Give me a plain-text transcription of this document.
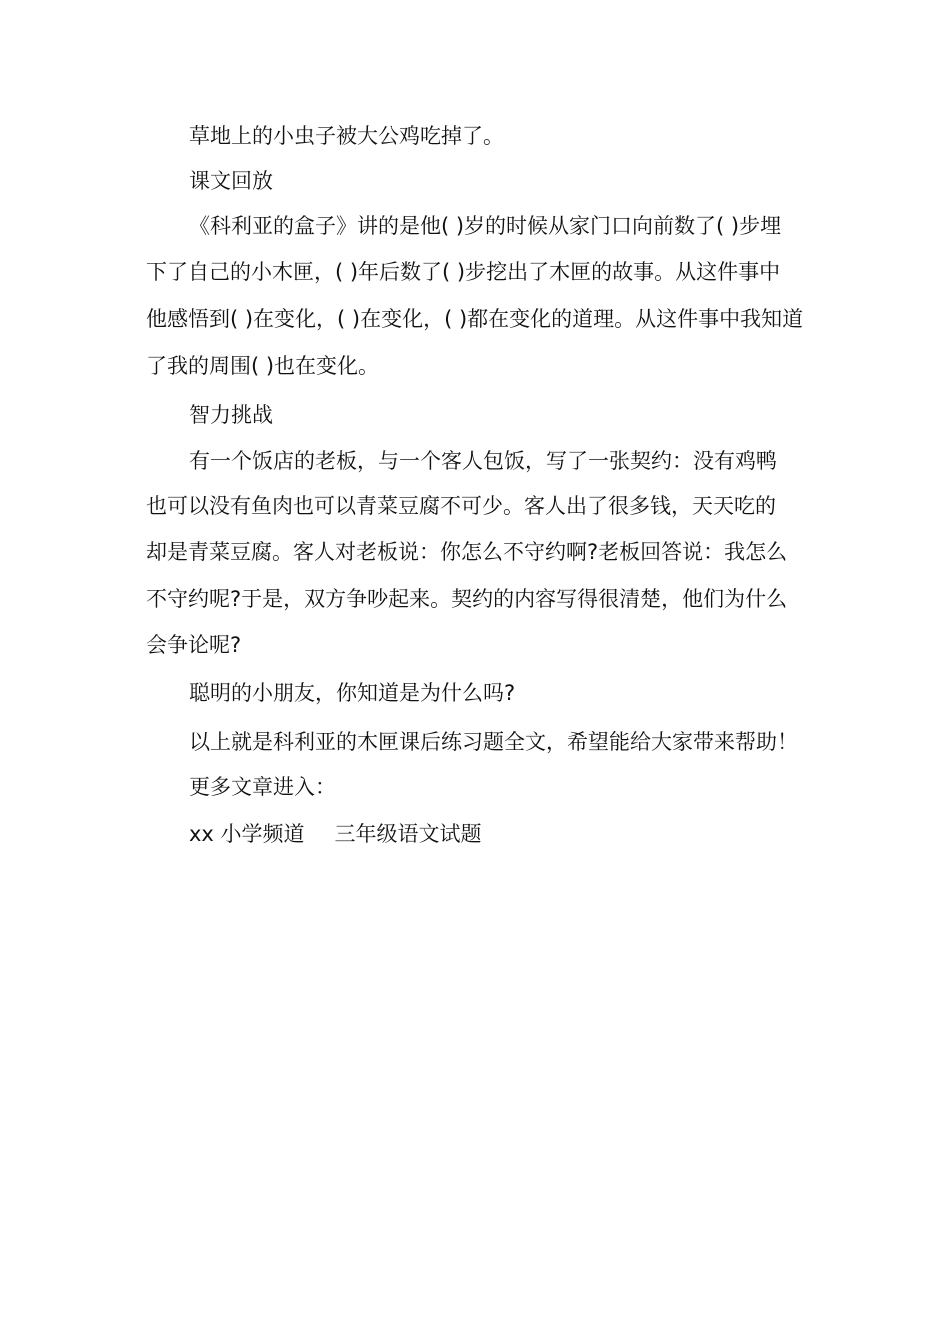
草地上的小虫子被大公鸡吃掉了。
课文回放
《科利亚的盒子》讲的是他( )岁的时候从家门口向前数了( )步埋
下了自己的小木匣，( )年后数了( )步挖出了木匣的故事。从这件事中
他感悟到( )在变化，( )在变化，( )都在变化的道理。从这件事中我知道
了我的周围( )也在变化。
智力挑战
有一个饭店的老板，与一个客人包饭，写了一张契约：没有鸡鸭
也可以没有鱼肉也可以青菜豆腐不可少。客人出了很多钱，天天吃的
却是青菜豆腐。客人对老板说：你怎么不守约啊?老板回答说：我怎么
不守约呢?于是，双方争吵起来。契约的内容写得很清楚，他们为什么
会争论呢?
聪明的小朋友，你知道是为什么吗?
以上就是科利亚的木匣课后练习题全文，希望能给大家带来帮助！
更多文章进入：
xx 小学频道 三年级语文试题
